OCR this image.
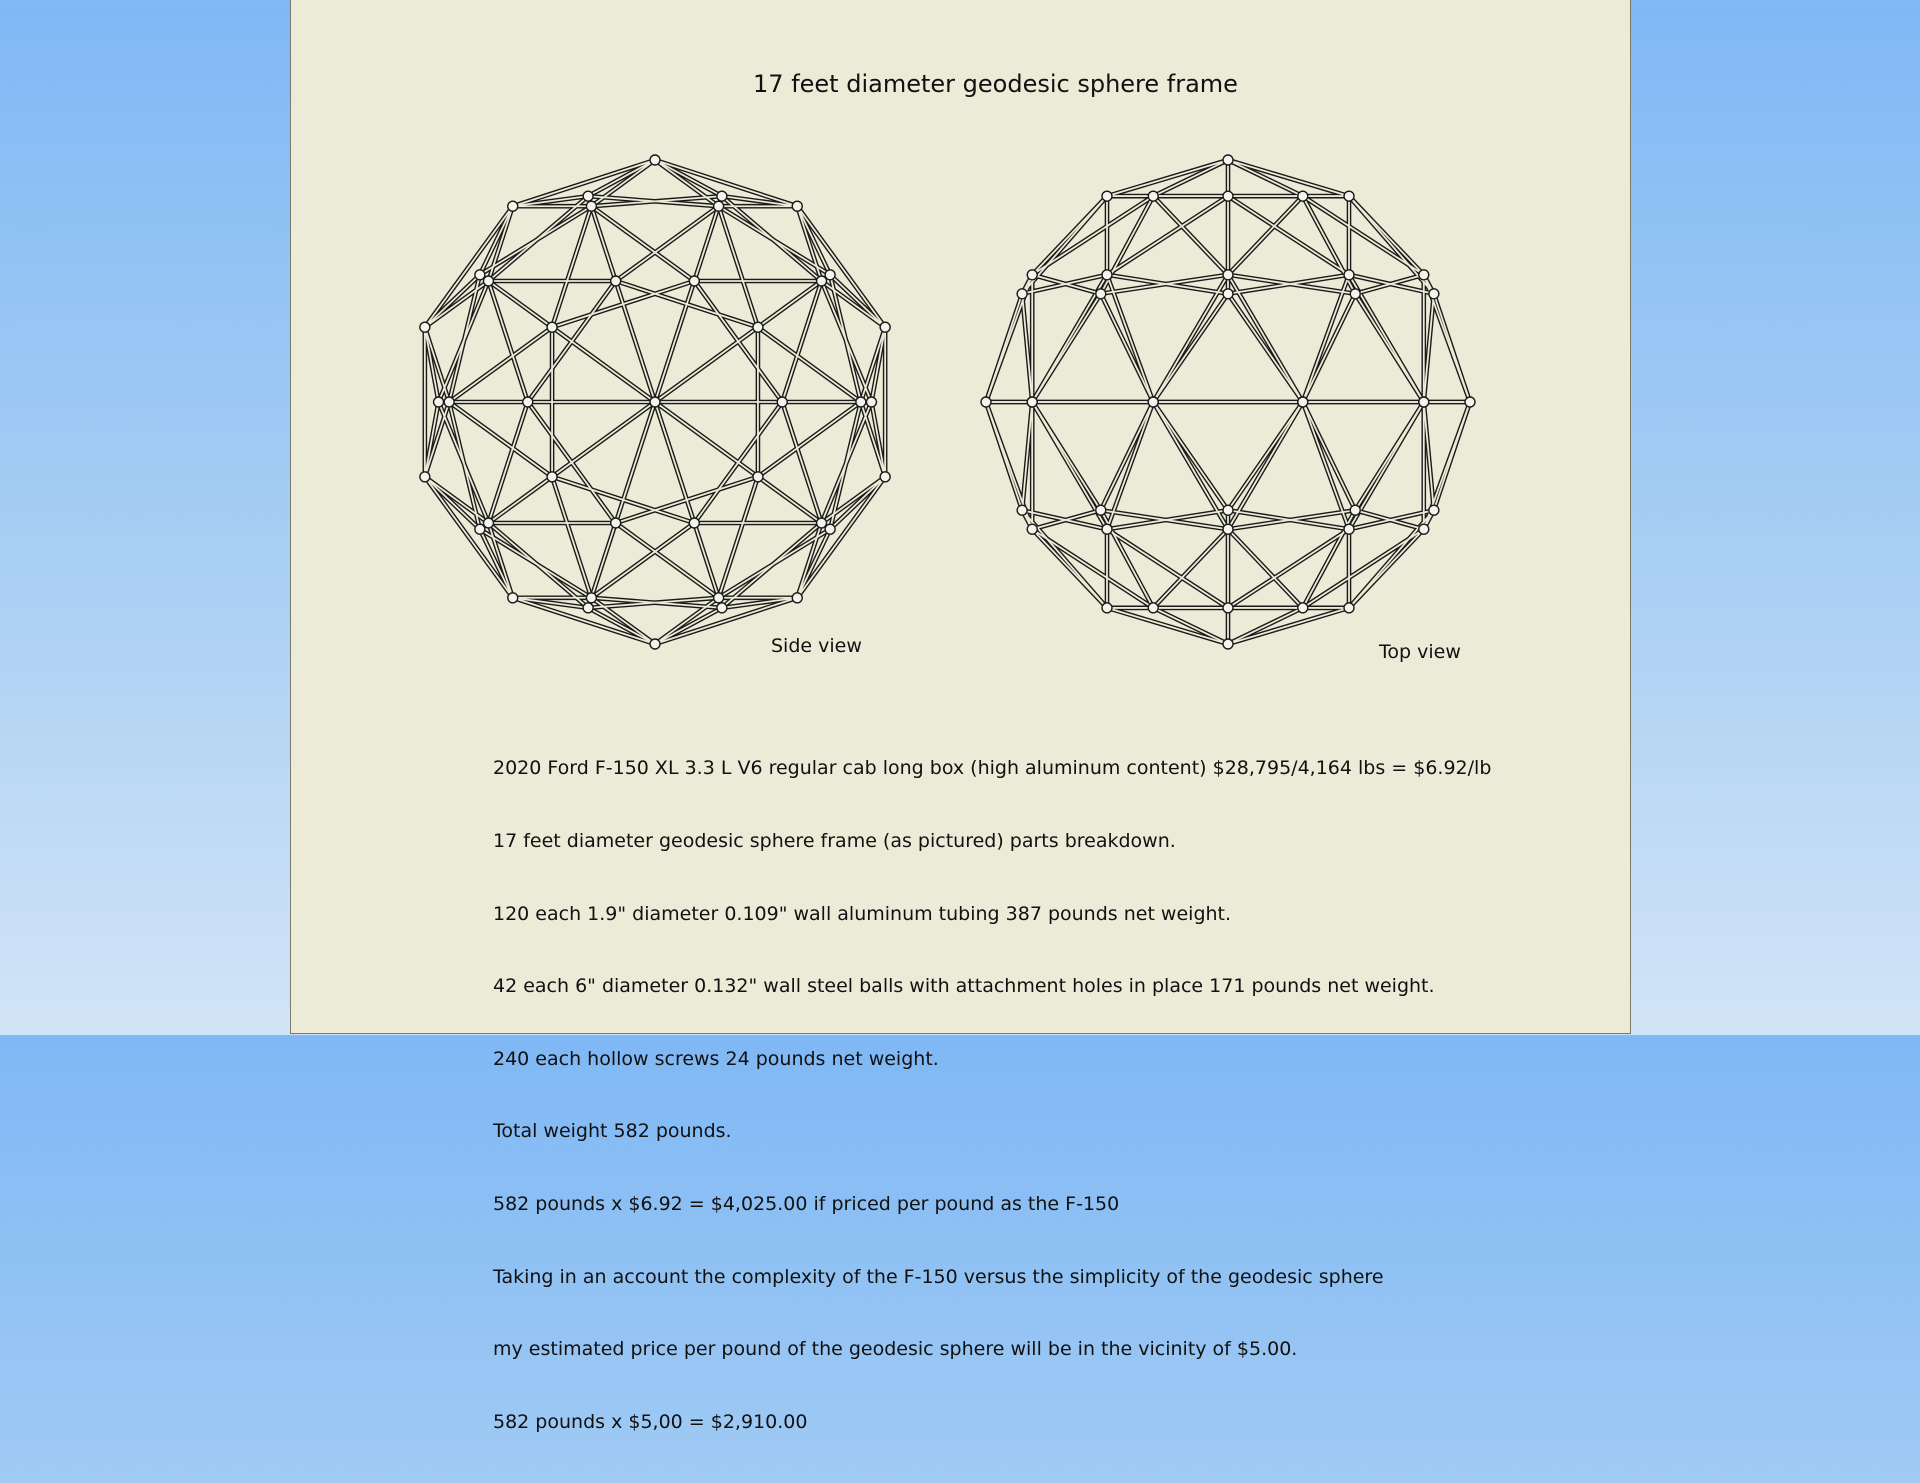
17 feet diameter geodesic sphere frame
Side view	Top view

2020 Ford F-150 XL 3.3 L V6 regular cab long box (high aluminum content) $28,795/4,164 lbs = $6.92/lb

17 feet diameter geodesic sphere frame (as pictured) parts breakdown.

120 each 1.9" diameter 0.109" wall aluminum tubing 387 pounds net weight.

42 each 6" diameter 0.132" wall steel balls with attachment holes in place 171 pounds net weight.

240 each hollow screws 24 pounds net weight.

Total weight 582 pounds.

582 pounds x $6.92 = $4,025.00 if priced per pound as the F-150

Taking in an account the complexity of the F-150 versus the simplicity of the geodesic sphere

my estimated price per pound of the geodesic sphere will be in the vicinity of $5.00.

582 pounds x $5,00 = $2,910.00
